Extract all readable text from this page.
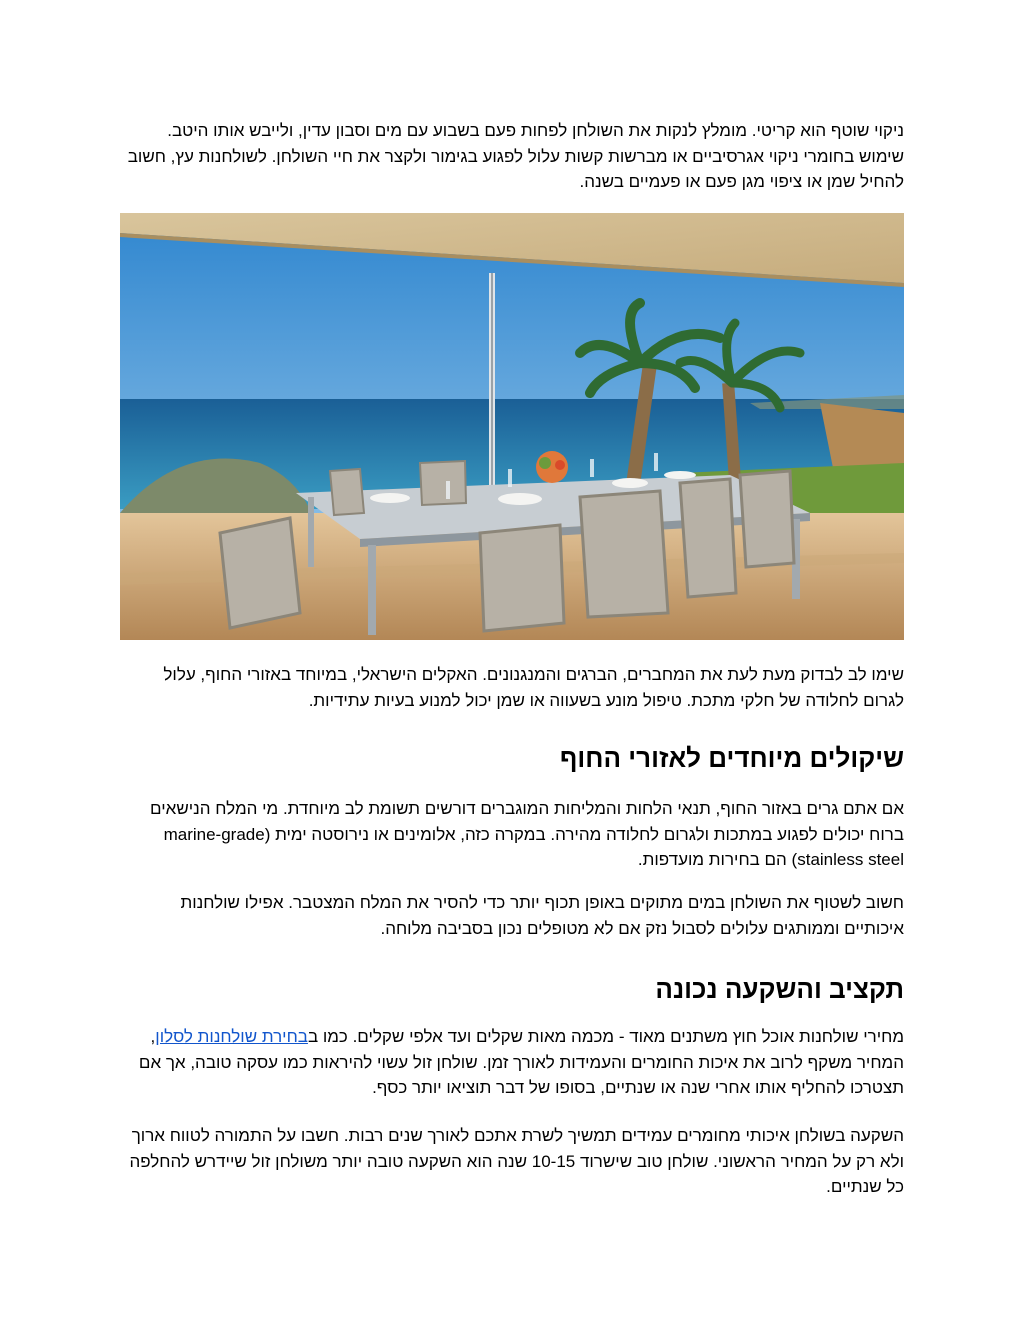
ניקוי שוטף הוא קריטי. מומלץ לנקות את השולחן לפחות פעם בשבוע עם מים וסבון עדין, ולייבש אותו היטב. שימוש בחומרי ניקוי אגרסיביים או מברשות קשות עלול לפגוע בגימור ולקצר את חיי השולחן. לשולחנות עץ, חשוב להחיל שמן או ציפוי מגן פעם או פעמיים בשנה.

שימו לב לבדוק מעת לעת את המחברים, הברגים והמנגנונים. האקלים הישראלי, במיוחד באזורי החוף, עלול לגרום לחלודה של חלקי מתכת. טיפול מונע בשעווה או שמן יכול למנוע בעיות עתידיות.

שיקולים מיוחדים לאזורי החוף

אם אתם גרים באזור החוף, תנאי הלחות והמליחות המוגברים דורשים תשומת לב מיוחדת. מי המלח הנישאים ברוח יכולים לפגוע במתכות ולגרום לחלודה מהירה. במקרה כזה, אלומינים או נירוסטה ימית (marine-grade stainless steel) הם בחירות מועדפות.

חשוב לשטוף את השולחן במים מתוקים באופן תכוף יותר כדי להסיר את המלח המצטבר. אפילו שולחנות איכותיים וממותגים עלולים לסבול נזק אם לא מטופלים נכון בסביבה מלוחה.

תקציב והשקעה נכונה

מחירי שולחנות אוכל חוץ משתנים מאוד - מכמה מאות שקלים ועד אלפי שקלים. כמו בבחירת שולחנות לסלון, המחיר משקף לרוב את איכות החומרים והעמידות לאורך זמן. שולחן זול עשוי להיראות כמו עסקה טובה, אך אם תצטרכו להחליף אותו אחרי שנה או שנתיים, בסופו של דבר תוציאו יותר כסף.

השקעה בשולחן איכותי מחומרים עמידים תמשיך לשרת אתכם לאורך שנים רבות. חשבו על התמורה לטווח ארוך ולא רק על המחיר הראשוני. שולחן טוב שישרוד 10-15 שנה הוא השקעה טובה יותר משולחן זול שיידרש להחלפה כל שנתיים.
